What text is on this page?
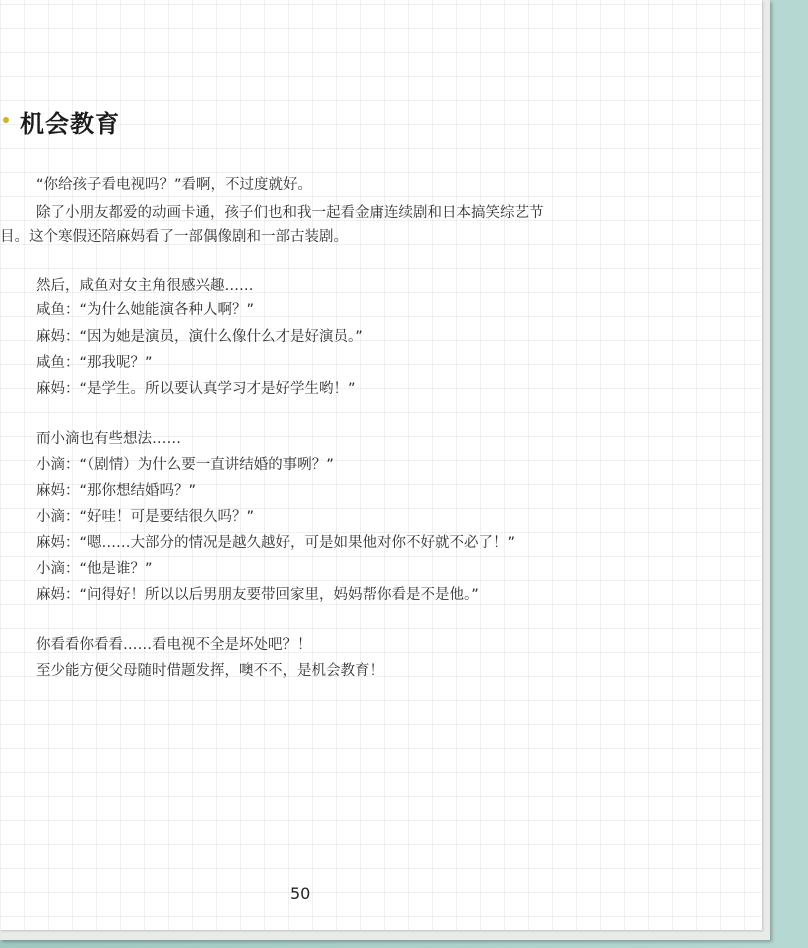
机会教育
“你给孩子看电视吗？”看啊，不过度就好。
除了小朋友都爱的动画卡通，孩子们也和我一起看金庸连续剧和日本搞笑综艺节
目。这个寒假还陪麻妈看了一部偶像剧和一部古装剧。
然后，咸鱼对女主角很感兴趣……
咸鱼：“为什么她能演各种人啊？”
麻妈：“因为她是演员，演什么像什么才是好演员。”
咸鱼：“那我呢？”
麻妈：“是学生。所以要认真学习才是好学生哟！”
而小滴也有些想法……
小滴：“（剧情）为什么要一直讲结婚的事咧？”
麻妈：“那你想结婚吗？”
小滴：“好哇！可是要结很久吗？”
麻妈：“嗯……大部分的情况是越久越好，可是如果他对你不好就不必了！”
小滴：“他是谁？”
麻妈：“问得好！所以以后男朋友要带回家里，妈妈帮你看是不是他。”
你看看你看看……看电视不全是坏处吧？！
至少能方便父母随时借题发挥，噢不不，是机会教育！
50
